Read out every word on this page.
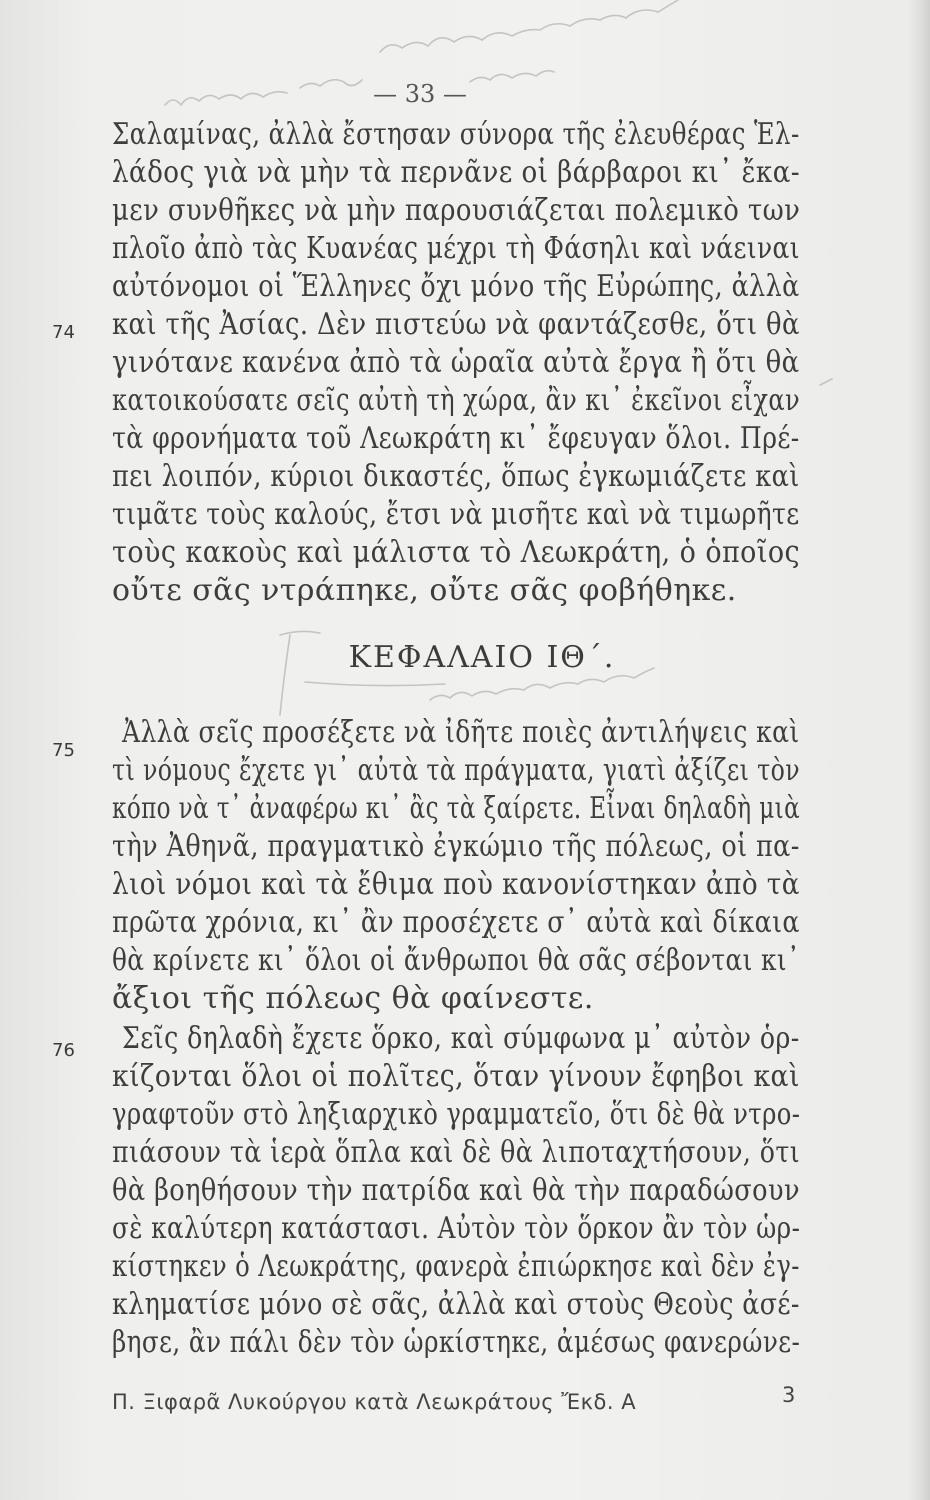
— 33 —
74
75
76
Σαλαμίνας, ἀλλὰ ἔστησαν σύνορα τῆς ἐλευθέρας Ἑλ-
λάδος γιὰ νὰ μὴν τὰ περνᾶνε οἱ βάρβαροι κι᾿ ἔκα-
μεν συνθῆκες νὰ μὴν παρουσιάζεται πολεμικὸ των
πλοῖο ἀπὸ τὰς Κυανέας μέχρι τὴ Φάσηλι καὶ νάειναι
αὐτόνομοι οἱ Ἕλληνες ὄχι μόνο τῆς Εὐρώπης, ἀλλὰ
καὶ τῆς Ἀσίας. Δὲν πιστεύω νὰ φαντάζεσθε, ὅτι θὰ
γινότανε κανένα ἀπὸ τὰ ὡραῖα αὐτὰ ἔργα ἢ ὅτι θὰ
κατοικούσατε σεῖς αὐτὴ τὴ χώρα, ἂν κι᾿ ἐκεῖνοι εἶχαν
τὰ φρονήματα τοῦ Λεωκράτη κι᾿ ἔφευγαν ὅλοι. Πρέ-
πει λοιπόν, κύριοι δικαστές, ὅπως ἐγκωμιάζετε καὶ
τιμᾶτε τοὺς καλούς, ἔτσι νὰ μισῆτε καὶ νὰ τιμωρῆτε
τοὺς κακοὺς καὶ μάλιστα τὸ Λεωκράτη, ὁ ὁποῖος
οὔτε σᾶς ντράπηκε, οὔτε σᾶς φοβήθηκε.
ΚΕΦΑΛΑΙΟ ΙΘ΄.
Ἀλλὰ σεῖς προσέξετε νὰ ἰδῆτε ποιὲς ἀντιλήψεις καὶ
τὶ νόμους ἔχετε γι᾿ αὐτὰ τὰ πράγματα, γιατὶ ἀξίζει τὸν
κόπο νὰ τ᾿ ἀναφέρω κι᾿ ἂς τὰ ξαίρετε. Εἶναι δηλαδὴ μιὰ
τὴν Ἀθηνᾶ, πραγματικὸ ἐγκώμιο τῆς πόλεως, οἱ πα-
λιοὶ νόμοι καὶ τὰ ἔθιμα ποὺ κανονίστηκαν ἀπὸ τὰ
πρῶτα χρόνια, κι᾿ ἂν προσέχετε σ᾿ αὐτὰ καὶ δίκαια
θὰ κρίνετε κι᾿ ὅλοι οἱ ἄνθρωποι θὰ σᾶς σέβονται κι᾿
ἄξιοι τῆς πόλεως θὰ φαίνεστε.
Σεῖς δηλαδὴ ἔχετε ὅρκο, καὶ σύμφωνα μ᾿ αὐτὸν ὁρ-
κίζονται ὅλοι οἱ πολῖτες, ὅταν γίνουν ἔφηβοι καὶ
γραφτοῦν στὸ ληξιαρχικὸ γραμματεῖο, ὅτι δὲ θὰ ντρο-
πιάσουν τὰ ἱερὰ ὅπλα καὶ δὲ θὰ λιποταχτήσουν, ὅτι
θὰ βοηθήσουν τὴν πατρίδα καὶ θὰ τὴν παραδώσουν
σὲ καλύτερη κατάστασι. Αὐτὸν τὸν ὅρκον ἂν τὸν ὡρ-
κίστηκεν ὁ Λεωκράτης, φανερὰ ἐπιώρκησε καὶ δὲν ἐγ-
κληματίσε μόνο σὲ σᾶς, ἀλλὰ καὶ στοὺς Θεοὺς ἀσέ-
βησε, ἂν πάλι δὲν τὸν ὡρκίστηκε, ἀμέσως φανερώνε-
Π. Ξιφαρᾶ Λυκούργου κατὰ Λεωκράτους Ἔκδ. Α	3
